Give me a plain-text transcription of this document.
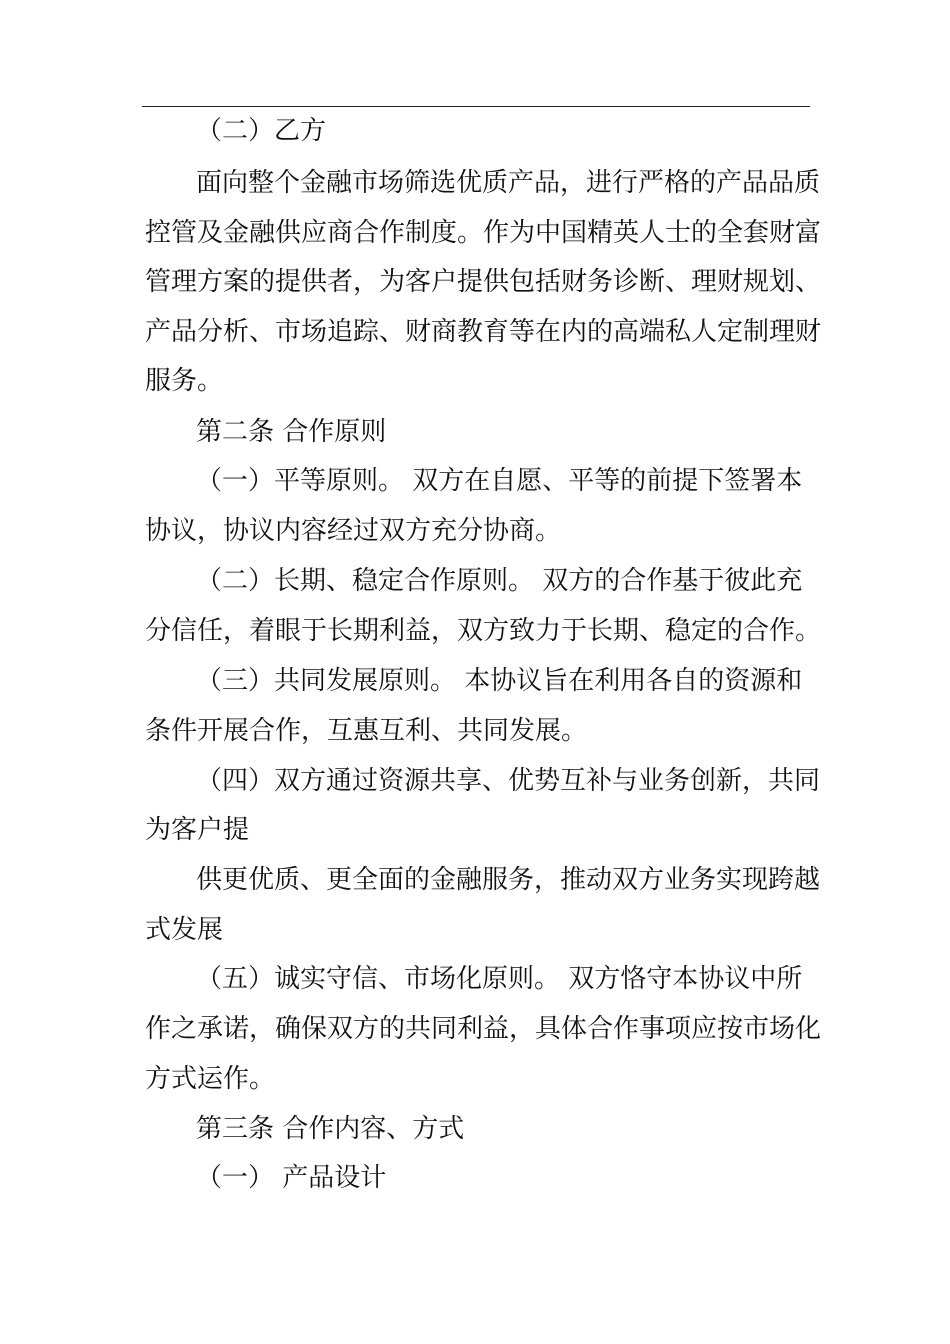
（二）乙方
面向整个金融市场筛选优质产品，进行严格的产品品质
控管及金融供应商合作制度。作为中国精英人士的全套财富
管理方案的提供者，为客户提供包括财务诊断、理财规划、
产品分析、市场追踪、财商教育等在内的高端私人定制理财
服务。
第二条 合作原则
（一）平等原则。 双方在自愿、平等的前提下签署本
协议，协议内容经过双方充分协商。
（二）长期、稳定合作原则。 双方的合作基于彼此充
分信任，着眼于长期利益，双方致力于长期、稳定的合作。
（三）共同发展原则。 本协议旨在利用各自的资源和
条件开展合作，互惠互利、共同发展。
（四）双方通过资源共享、优势互补与业务创新，共同
为客户提
供更优质、更全面的金融服务，推动双方业务实现跨越
式发展
（五）诚实守信、市场化原则。 双方恪守本协议中所
作之承诺，确保双方的共同利益，具体合作事项应按市场化
方式运作。
第三条 合作内容、方式
（一） 产品设计
